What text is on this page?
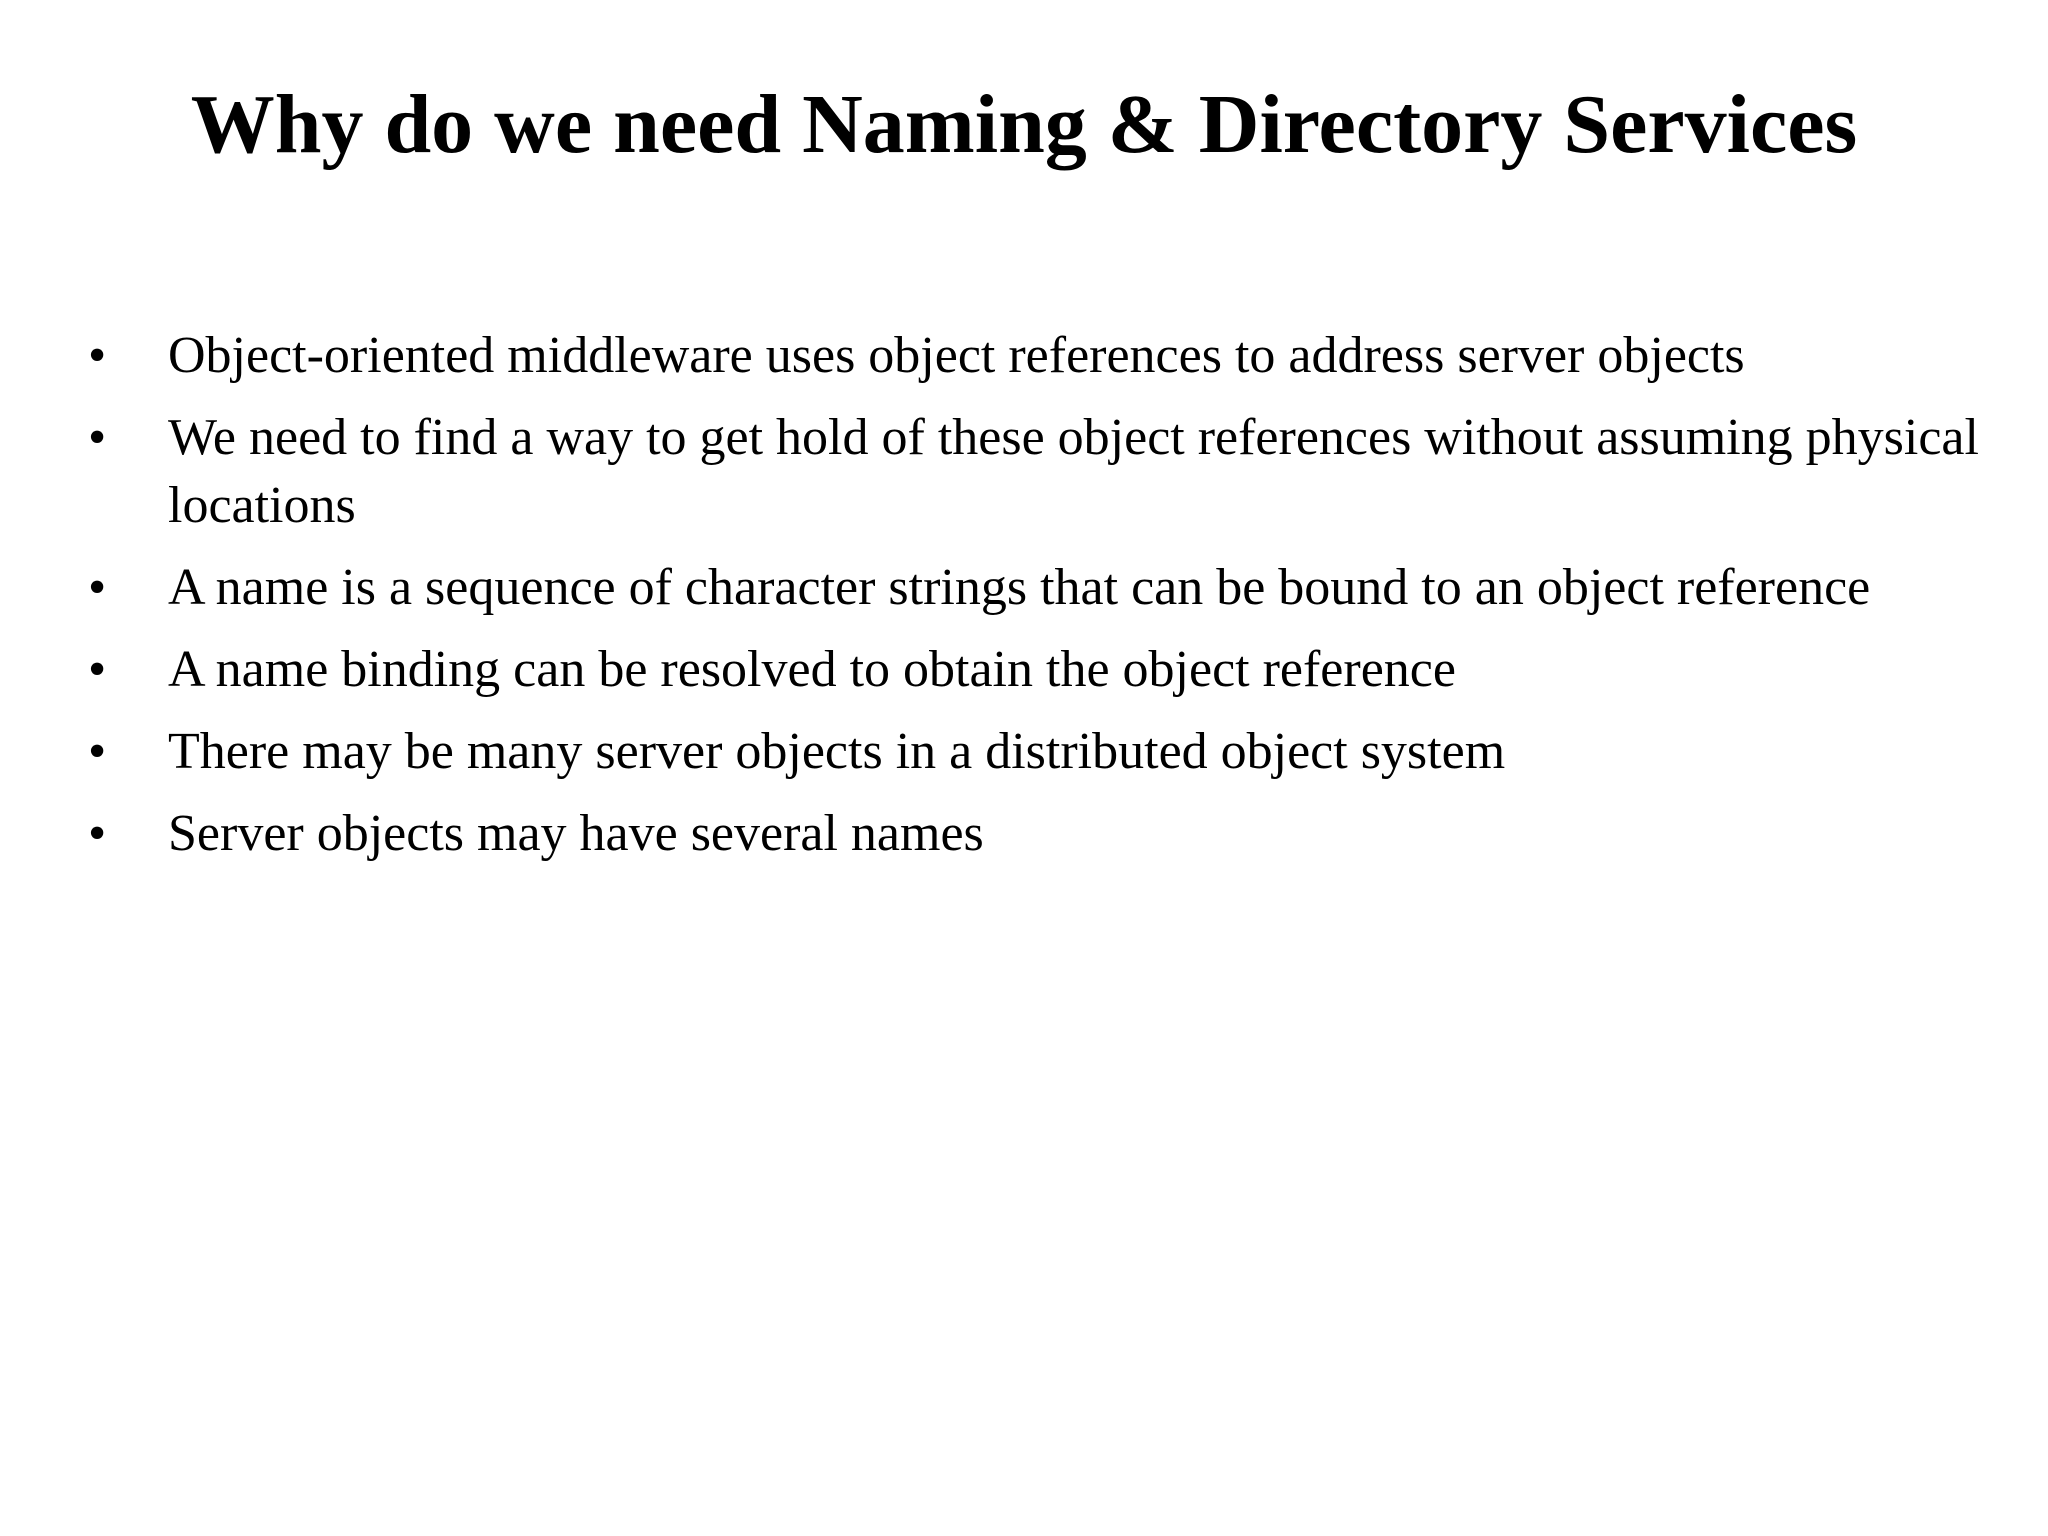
Why do we need Naming & Directory Services
•	Object-oriented middleware uses object references to address server objects
•	We need to find a way to get hold of these object references without assuming physical locations
•	A name is a sequence of character strings that can be bound to an object reference
•	A name binding can be resolved to obtain the object reference
•	There may be many server objects in a distributed object system
•	Server objects may have several names
